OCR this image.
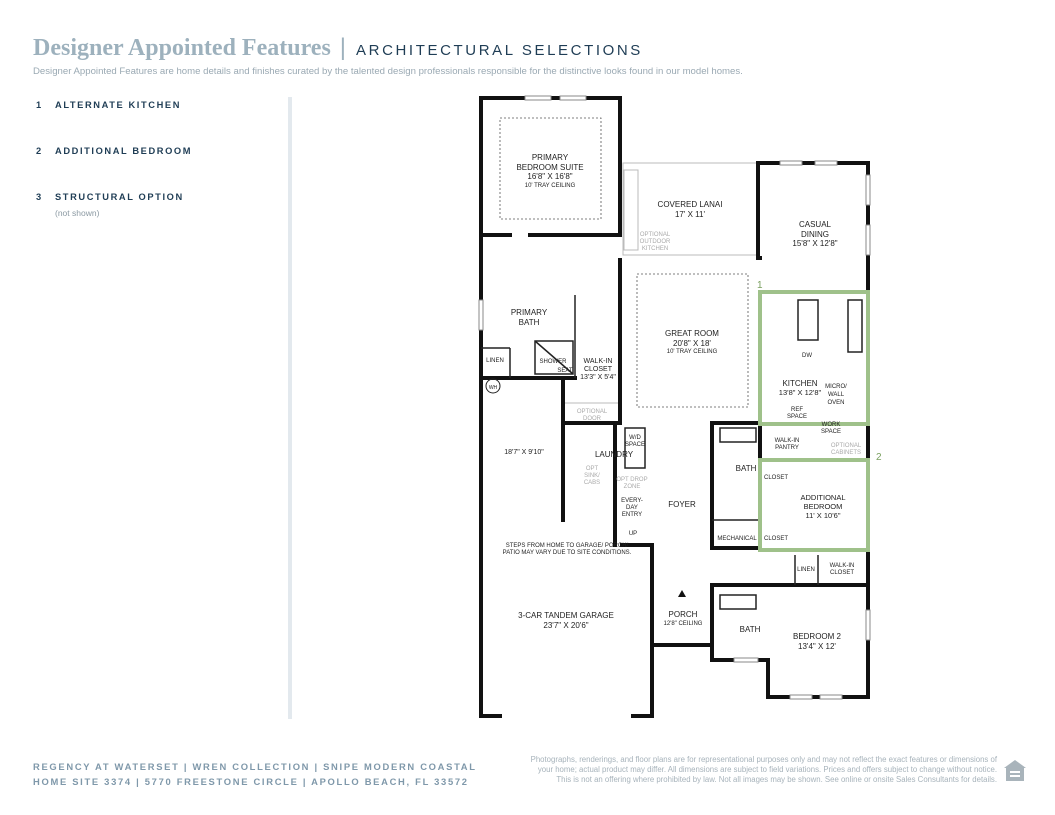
Designer Appointed Features | ARCHITECTURAL SELECTIONS
Designer Appointed Features are home details and finishes curated by the talented design professionals responsible for the distinctive looks found in our model homes.
1 ALTERNATE KITCHEN
2 ADDITIONAL BEDROOM
3 STRUCTURAL OPTION
(not shown)
1
2
PRIMARY
BEDROOM SUITE
16'8" X 16'8"
10' TRAY CEILING
COVERED LANAI
17' X 11'
OPTIONAL
OUTDOOR
KITCHEN
CASUAL
DINING
15'8" X 12'8"
PRIMARY
BATH
GREAT ROOM
20'8" X 18'
10' TRAY CEILING
LINEN	SHOWER
SEAT
WALK-IN
CLOSET
13'3" X 5'4"
WH
DW
KITCHEN
13'8" X 12'8"
MICRO/
WALL
OVEN
REF
SPACE
OPTIONAL
DOOR
18'7" X 9'10"	LAUNDRY
W/D
SPACE
OPT
SINK/
CABS	OPT DROP
ZONE
EVERY-
DAY
ENTRY
UP
FOYER
WALK-IN
PANTRY
WORK
SPACE
OPTIONAL
CABINETS
BATH
CLOSET
ADDITIONAL
BEDROOM
11' X 10'6"
MECHANICAL CLOSET
STEPS FROM HOME TO GARAGE/ PORCH/
PATIO MAY VARY DUE TO SITE CONDITIONS.
LINEN
WALK-IN
CLOSET
3-CAR TANDEM GARAGE
23'7" X 20'6"
PORCH
12'8" CEILING
BATH
BEDROOM 2
13'4" X 12'
REGENCY AT WATERSET | WREN COLLECTION | SNIPE MODERN COASTAL
HOME SITE 3374 | 5770 FREESTONE CIRCLE | APOLLO BEACH, FL 33572
Photographs, renderings, and floor plans are for representational purposes only and may not reflect the exact features or dimensions of your home; actual product may differ. All dimensions are subject to field variations. Prices and offers subject to change without notice. This is not an offering where prohibited by law. Not all images may be shown. See online or onsite Sales Consultants for details.
